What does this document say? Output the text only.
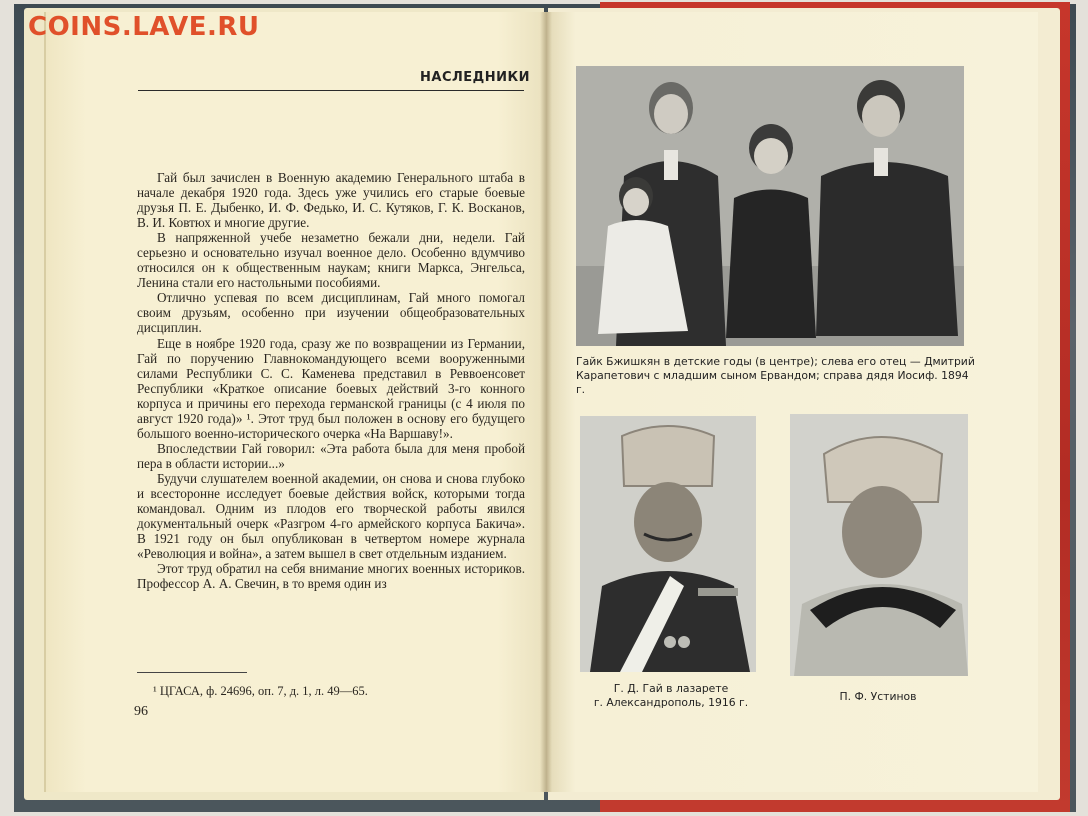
COINS.LAVE.RU
НАСЛЕДНИКИ

Гай был зачислен в Военную академию Генерального штаба в начале декабря 1920 года. Здесь уже учились его старые боевые друзья П. Е. Дыбенко, И. Ф. Федько, И. С. Кутяков, Г. К. Восканов, В. И. Ковтюх и многие другие.

В напряженной учебе незаметно бежали дни, недели. Гай серьезно и основательно изучал военное дело. Особенно вдумчиво относился он к общественным наукам; книги Маркса, Энгельса, Ленина стали его настольными пособиями.

Отлично успевая по всем дисциплинам, Гай много помогал своим друзьям, особенно при изучении общеобразовательных дисциплин.

Еще в ноябре 1920 года, сразу же по возвращении из Германии, Гай по поручению Главнокомандующего всеми вооруженными силами Республики С. С. Каменева представил в Реввоенсовет Республики «Краткое описание боевых действий 3-го конного корпуса и причины его перехода германской границы (с 4 июля по август 1920 года)» ¹. Этот труд был положен в основу его будущего большого военно-исторического очерка «На Варшаву!».

Впоследствии Гай говорил: «Эта работа была для меня пробой пера в области истории...»

Будучи слушателем военной академии, он снова и снова глубоко и всесторонне исследует боевые действия войск, которыми тогда командовал. Одним из плодов его творческой работы явился документальный очерк «Разгром 4-го армейского корпуса Бакича». В 1921 году он был опубликован в четвертом номере журнала «Революция и война», а затем вышел в свет отдельным изданием.

Этот труд обратил на себя внимание многих военных историков. Профессор А. А. Свечин, в то время один из

¹ ЦГАСА, ф. 24696, оп. 7, д. 1, л. 49—65.
96
Гайк Бжишкян в детские годы (в центре); слева его отец — Дмитрий Карапетович с младшим сыном Ервандом; справа дядя Иосиф. 1894 г.
Г. Д. Гай в лазарете
г. Александрополь, 1916 г.	П. Ф. Устинов
